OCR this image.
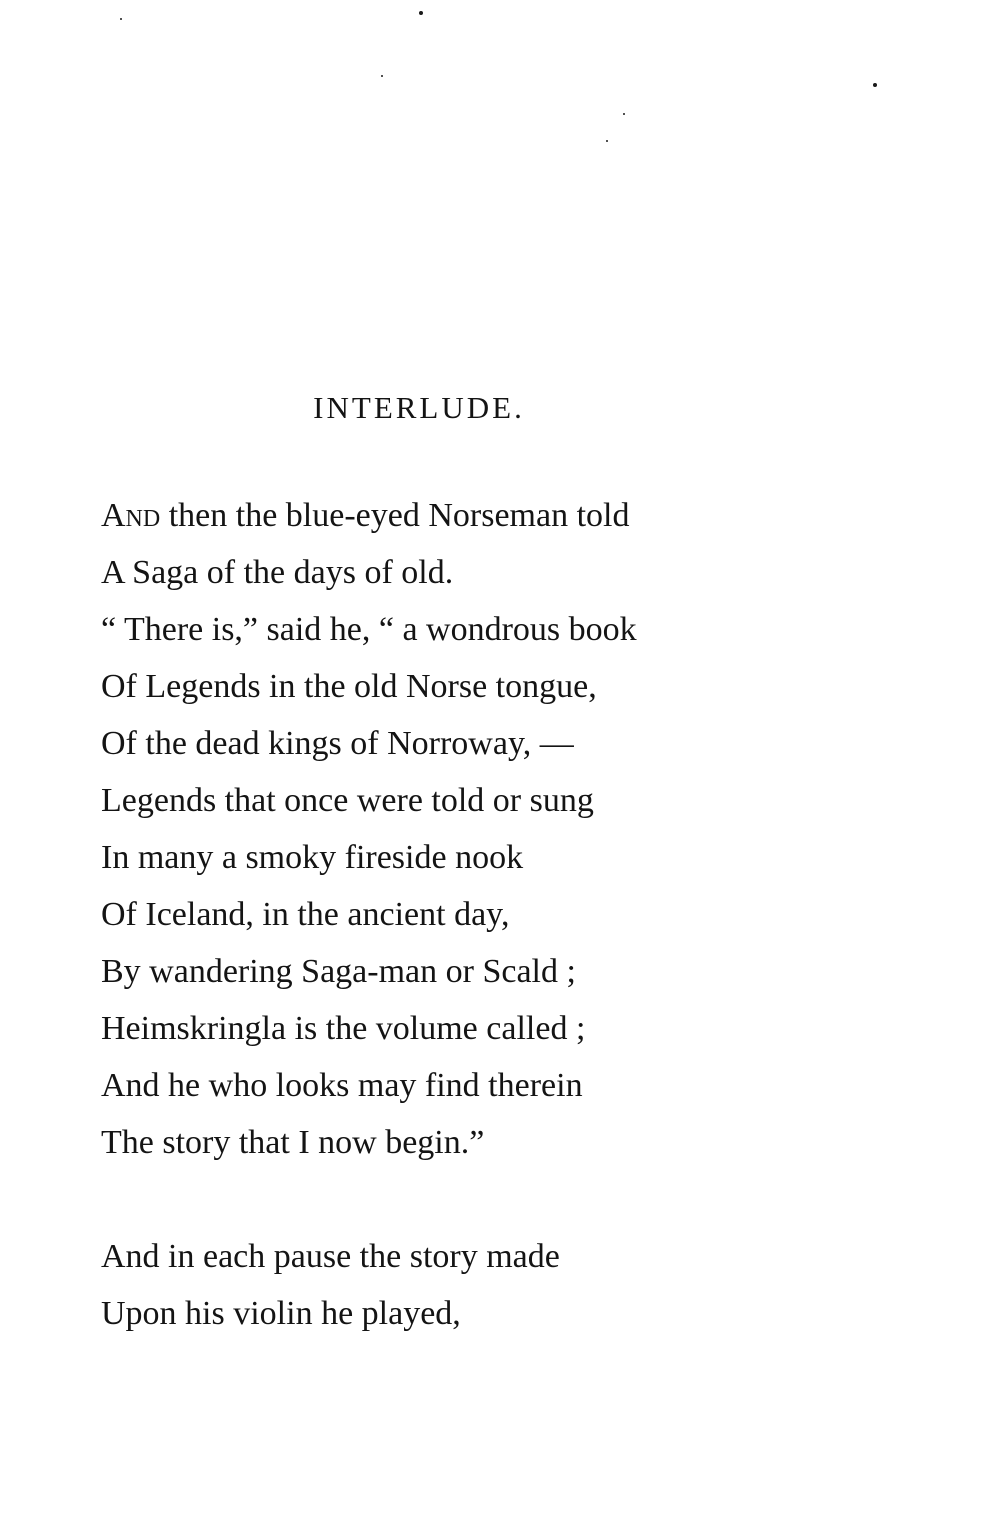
INTERLUDE.
And then the blue-eyed Norseman told
A Saga of the days of old.
“ There is,” said he, “ a wondrous book
Of Legends in the old Norse tongue,
Of the dead kings of Norroway, —
Legends that once were told or sung
In many a smoky fireside nook
Of Iceland, in the ancient day,
By wandering Saga-man or Scald ;
Heimskringla is the volume called ;
And he who looks may find therein
The story that I now begin.”
And in each pause the story made
Upon his violin he played,
